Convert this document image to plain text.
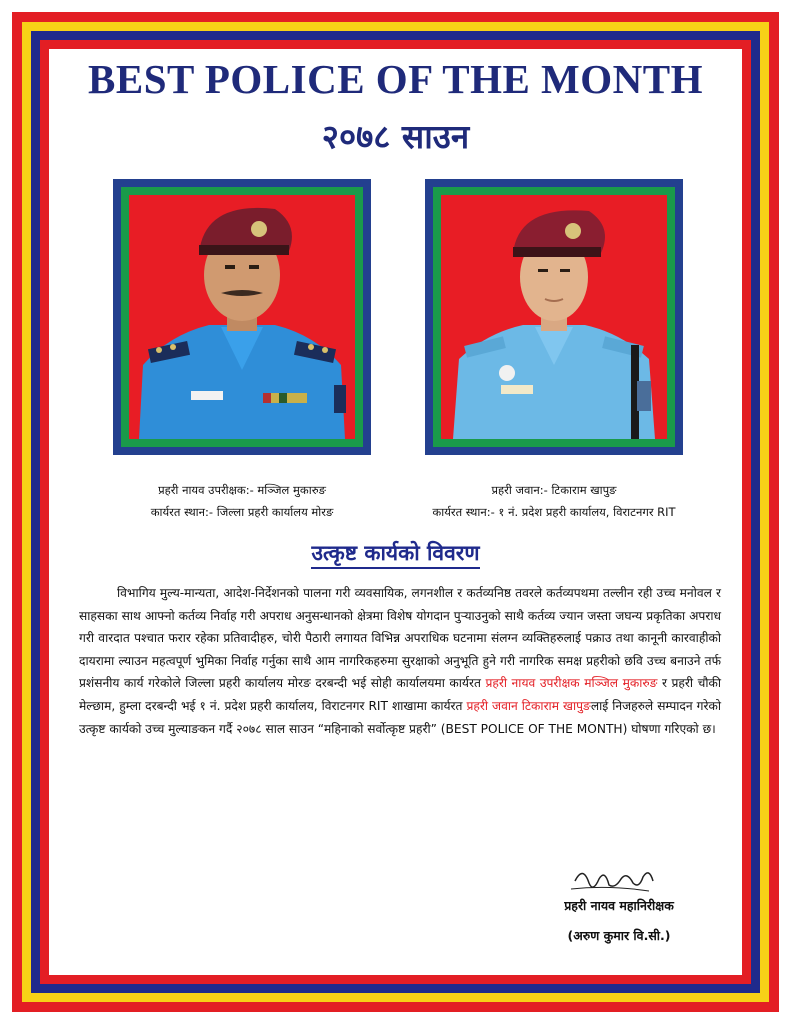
BEST POLICE OF THE MONTH
२०७८ साउन
प्रहरी नायव उपरीक्षक:- मञ्जिल मुकारुङ
कार्यरत स्थान:- जिल्ला प्रहरी कार्यालय मोरङ
प्रहरी जवान:- टिकाराम खापुङ
कार्यरत स्थान:- १ नं. प्रदेश प्रहरी कार्यालय, विराटनगर RIT
उत्कृष्ट कार्यको विवरण
विभागिय मुल्य-मान्यता, आदेश-निर्देशनको पालना गरी व्यवसायिक, लगनशील र कर्तव्यनिष्ठ तवरले कर्तव्यपथमा तल्लीन रही उच्च मनोवल र साहसका साथ आफ्नो कर्तव्य निर्वाह गरी अपराध अनुसन्धानको क्षेत्रमा विशेष योगदान पुऱ्याउनुको साथै कर्तव्य ज्यान जस्ता जघन्य प्रकृतिका अपराध गरी वारदात पश्चात फरार रहेका प्रतिवादीहरु, चोरी पैठारी लगायत विभिन्न अपराधिक घटनामा संलग्न व्यक्तिहरुलाई पक्राउ तथा कानूनी कारवाहीको दायरामा ल्याउन महत्वपूर्ण भुमिका निर्वाह गर्नुका साथै आम नागरिकहरुमा सुरक्षाको अनुभूति हुने गरी नागरिक समक्ष प्रहरीको छवि उच्च बनाउने तर्फ प्रशंसनीय कार्य गरेकोले जिल्ला प्रहरी कार्यालय मोरङ दरबन्दी भई सोही कार्यालयमा कार्यरत प्रहरी नायव उपरीक्षक मञ्जिल मुकारुङ र प्रहरी चौकी मेल्छाम, हुम्ला दरबन्दी भई १ नं. प्रदेश प्रहरी कार्यालय, विराटनगर RIT शाखामा कार्यरत प्रहरी जवान टिकाराम खापुङलाई निजहरुले सम्पादन गरेको उत्कृष्ट कार्यको उच्च मुल्याङकन गर्दै २०७८ साल साउन “महिनाको सर्वोत्कृष्ट प्रहरी” (BEST POLICE OF THE MONTH) घोषणा गरिएको छ।
प्रहरी नायव महानिरीक्षक
(अरुण कुमार वि.सी.)
